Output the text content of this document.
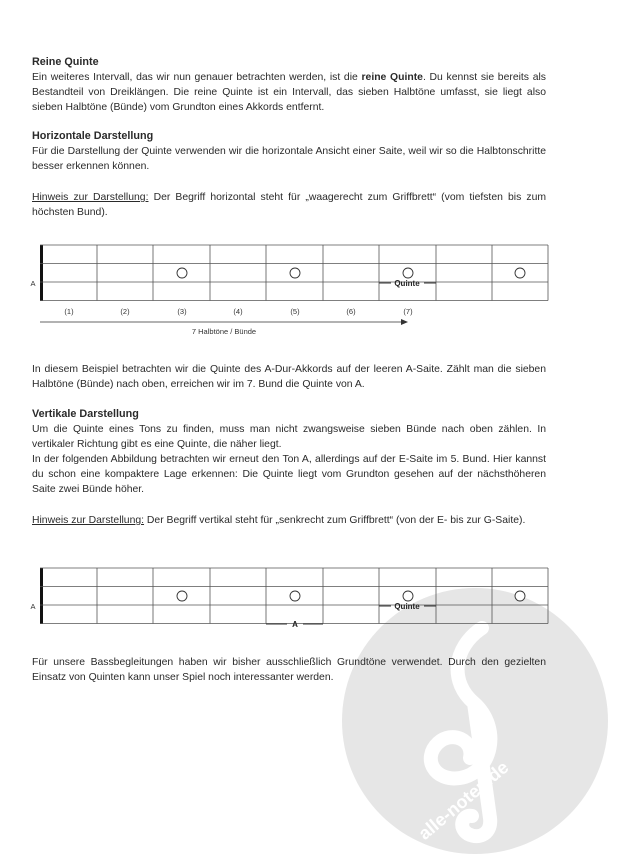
alle-noten.de
Reine Quinte
Ein weiteres Intervall, das wir nun genauer betrachten werden, ist die reine Quinte. Du kennst sie bereits als Bestandteil von Dreiklängen. Die reine Quinte ist ein Intervall, das sieben Halbtöne umfasst, sie liegt also sieben Halbtöne (Bünde) vom Grundton eines Akkords entfernt.
Horizontale Darstellung
Für die Darstellung der Quinte verwenden wir die horizontale Ansicht einer Saite, weil wir so die Halbtonschritte besser erkennen können.
Hinweis zur Darstellung: Der Begriff horizontal steht für „waagerecht zum Griffbrett“ (vom tiefsten bis zum höchsten Bund).
Quinte
A
(1)	(2)	(3)	(4)	(5)	(6)	(7)
7 Halbtöne / Bünde
In diesem Beispiel betrachten wir die Quinte des A-Dur-Akkords auf der leeren A-Saite. Zählt man die sieben Halbtöne (Bünde) nach oben, erreichen wir im 7. Bund die Quinte von A.
Vertikale Darstellung
Um die Quinte eines Tons zu finden, muss man nicht zwangsweise sieben Bünde nach oben zählen. In vertikaler Richtung gibt es eine Quinte, die näher liegt.
In der folgenden Abbildung betrachten wir erneut den Ton A, allerdings auf der E-Saite im 5. Bund. Hier kannst du schon eine kompaktere Lage erkennen: Die Quinte liegt vom Grundton gesehen auf der nächsthöheren Saite zwei Bünde höher.
Hinweis zur Darstellung: Der Begriff vertikal steht für „senkrecht zum Griffbrett“ (von der E- bis zur G-Saite).
Quinte
A
A
Für unsere Bassbegleitungen haben wir bisher ausschließlich Grundtöne verwendet. Durch den gezielten Einsatz von Quinten kann unser Spiel noch interessanter werden.
